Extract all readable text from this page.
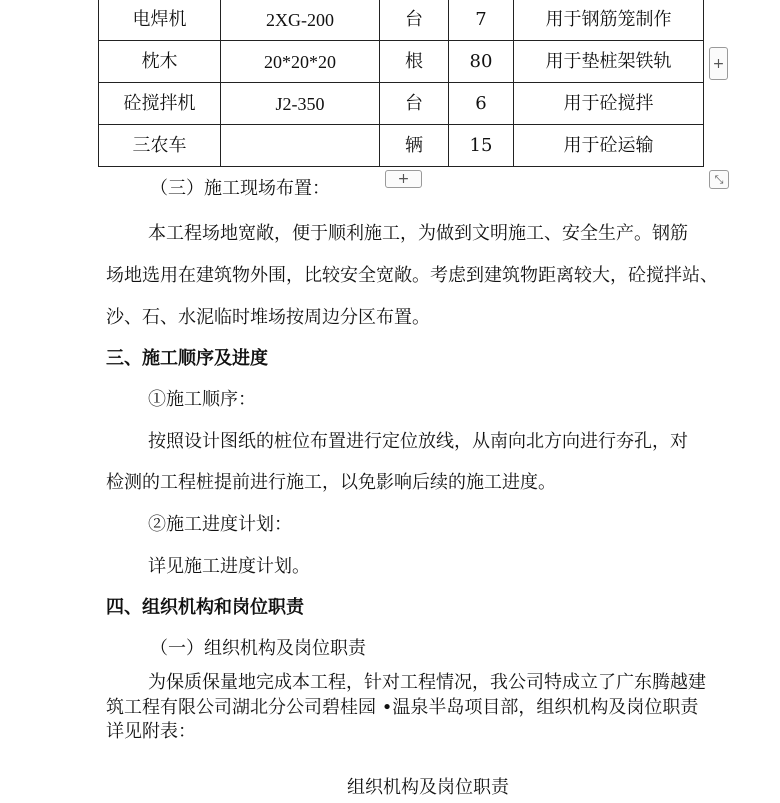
电焊机	2XG-200	台	7	用于钢筋笼制作
枕木	20*20*20	根	80	用于垫桩架铁轨
砼搅拌机	J2-350	台	6	用于砼搅拌
三农车		辆	15	用于砼运输
+
+	⤡
（三）施工现场布置：
本工程场地宽敞，便于顺利施工，为做到文明施工、安全生产。钢筋
场地选用在建筑物外围，比较安全宽敞。考虑到建筑物距离较大，砼搅拌站、
沙、石、水泥临时堆场按周边分区布置。
三、施工顺序及进度
①施工顺序：
按照设计图纸的桩位布置进行定位放线，从南向北方向进行夯孔，对
检测的工程桩提前进行施工，以免影响后续的施工进度。
②施工进度计划：
详见施工进度计划。
四、组织机构和岗位职责
（一）组织机构及岗位职责
为保质保量地完成本工程，针对工程情况，我公司特成立了广东腾越建
筑工程有限公司湖北分公司碧桂园 •温泉半岛项目部，组织机构及岗位职责
详见附表：
组织机构及岗位职责
